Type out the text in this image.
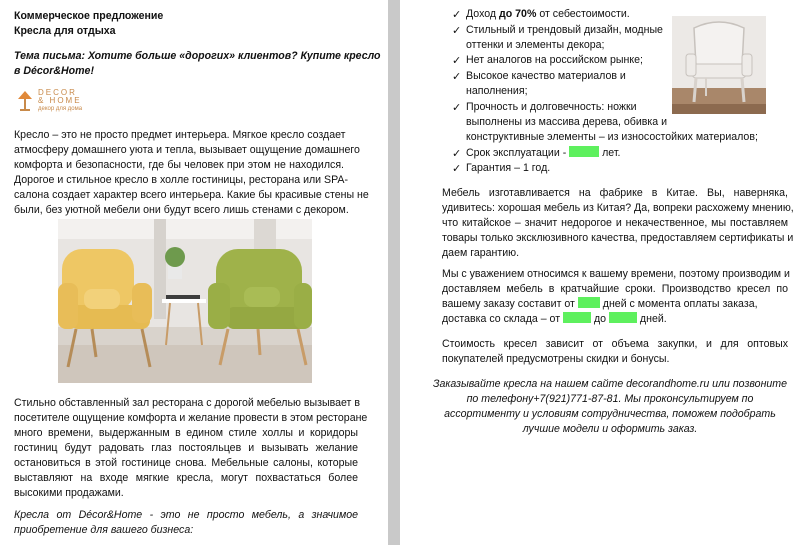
Коммерческое предложение
Кресла для отдыха
Тема письма: Хотите больше «дорогих» клиентов? Купите кресло
в Décor&Home!
DECOR
& HOME
декор для дома
Кресло – это не просто предмет интерьера. Мягкое кресло создает
атмосферу домашнего уюта и тепла, вызывает ощущение домашнего
комфорта и безопасности, где бы человек при этом не находился.
Дорогое и стильное кресло в холле гостиницы, ресторана или SPA-
салона создает характер всего интерьера. Какие бы красивые стены не
были, без уютной мебели они будут всего лишь стенами с декором.
Стильно обставленный зал ресторана с дорогой мебелью вызывает в
посетителе ощущение комфорта и желание провести в этом ресторане
много времени, выдержанным в едином стиле холлы и коридоры
гостиниц будут радовать глаз постояльцев и вызывать желание
остановиться в этой гостинице снова. Мебельные салоны, которые
выставляют на входе мягкие кресла, могут похвастаться более
высокими продажами.
Кресла от Décor&Home - это не просто мебель, а значимое
приобретение для вашего бизнеса:
✓ Доход до 70% от себестоимости.
✓ Стильный и трендовый дизайн, модные
оттенки и элементы декора;
✓ Нет аналогов на российском рынке;
✓ Высокое качество материалов и
наполнения;
✓ Прочность и долговечность: ножки
выполнены из массива дерева, обивка и
конструктивные элементы – из износостойких материалов;
✓ Срок эксплуатации -	лет.
✓ Гарантия – 1 год.
Мебель изготавливается на фабрике в Китае. Вы, наверняка,
удивитесь: хорошая мебель из Китая? Да, вопреки расхожему мнению,
что китайское – значит недорогое и некачественное, мы поставляем
товары только эксклюзивного качества, предоставляем сертификаты и
даем гарантию.
Мы с уважением относимся к вашему времени, поэтому производим и
доставляем мебель в кратчайшие сроки. Производство кресел по
вашему заказу составит от  дней с момента оплаты заказа,
доставка со склада – от	до	дней.
Стоимость кресел зависит от объема закупки, и для оптовых
покупателей предусмотрены скидки и бонусы.
Заказывайте кресла на нашем сайте decorandhome.ru или позвоните
по телефону+7(921)771-87-81. Мы проконсультируем по
ассортименту и условиям сотрудничества, поможем подобрать
лучшие модели и оформить заказ.
